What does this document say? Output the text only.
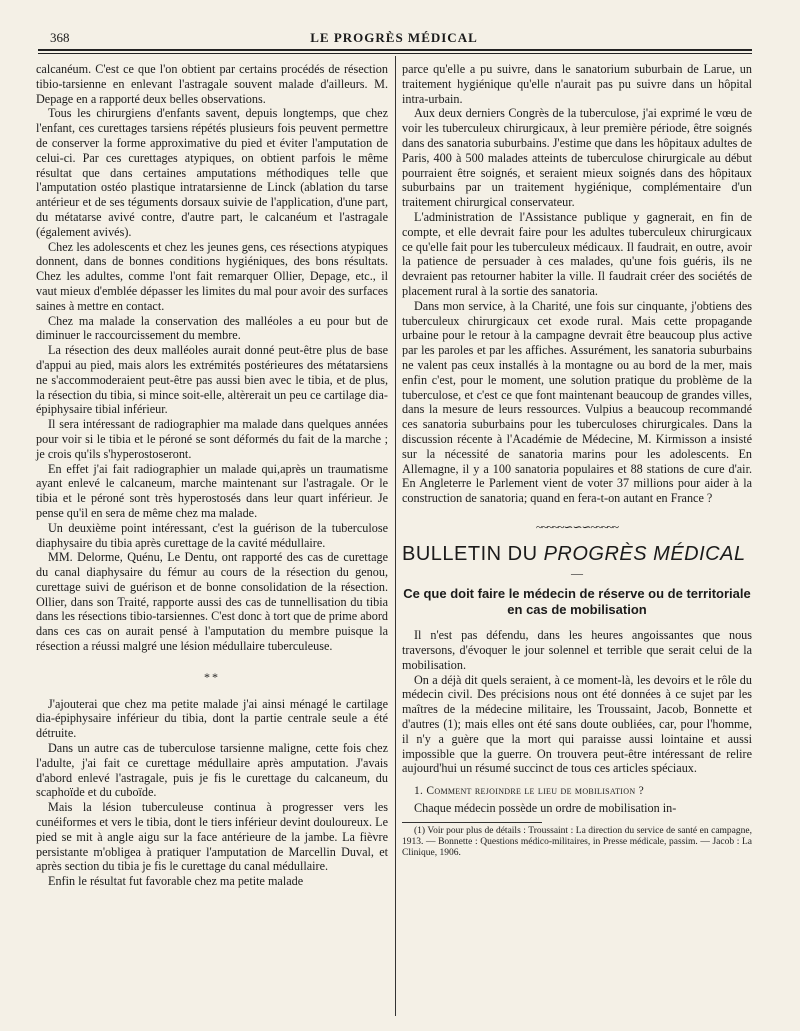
368	LE PROGRÈS MÉDICAL

calcanéum. C'est ce que l'on obtient par certains procédés de résection tibio-tarsienne en enlevant l'astragale souvent malade d'ailleurs. M. Depage en a rapporté deux belles observations.

Tous les chirurgiens d'enfants savent, depuis longtemps, que chez l'enfant, ces curettages tarsiens répétés plusieurs fois peuvent permettre de conserver la forme approximative du pied et éviter l'amputation de celui-ci. Par ces curettages atypiques, on obtient parfois le même résultat que dans certaines amputations méthodiques telle que l'amputation ostéo plastique intratarsienne de Linck (ablation du tarse antérieur et de ses téguments dorsaux suivie de l'application, d'une part, du métatarse avivé contre, d'autre part, le calcanéum et l'astragale (également avivés).

Chez les adolescents et chez les jeunes gens, ces résections atypiques donnent, dans de bonnes conditions hygiéniques, des bons résultats. Chez les adultes, comme l'ont fait remarquer Ollier, Depage, etc., il vaut mieux d'emblée dépasser les limites du mal pour avoir des surfaces saines à mettre en contact.

Chez ma malade la conservation des malléoles a eu pour but de diminuer le raccourcissement du membre.

La résection des deux malléoles aurait donné peut-être plus de base d'appui au pied, mais alors les extrémités postérieures des métatarsiens ne s'accommoderaient peut-être pas aussi bien avec le tibia, et de plus, la résection du tibia, si mince soit-elle, altèrerait un peu ce cartilage dia-épiphysaire tibial inférieur.

Il sera intéressant de radiographier ma malade dans quelques années pour voir si le tibia et le péroné se sont déformés du fait de la marche ; je crois qu'ils s'hyperostoseront.

En effet j'ai fait radiographier un malade qui,après un traumatisme ayant enlevé le calcaneum, marche maintenant sur l'astragale. Or le tibia et le péroné sont très hyperostosés dans leur quart inférieur. Je pense qu'il en sera de même chez ma malade.

Un deuxième point intéressant, c'est la guérison de la tuberculose diaphysaire du tibia après curettage de la cavité médullaire.

MM. Delorme, Quénu, Le Dentu, ont rapporté des cas de curettage du canal diaphysaire du fémur au cours de la résection du genou, curettage suivi de guérison et de bonne consolidation de la résection. Ollier, dans son Traité, rapporte aussi des cas de tunnellisation du tibia dans les résections tibio-tarsiennes. C'est donc à tort que de prime abord dans ces cas on aurait pensé à l'amputation du membre puisque la résection a réussi malgré une lésion médullaire tuberculeuse.

**

J'ajouterai que chez ma petite malade j'ai ainsi ménagé le cartilage dia-épiphysaire inférieur du tibia, dont la partie centrale seule a été détruite.

Dans un autre cas de tuberculose tarsienne maligne, cette fois chez l'adulte, j'ai fait ce curettage médullaire après amputation. J'avais d'abord enlevé l'astragale, puis je fis le curettage du calcaneum, du scaphoïde et du cuboïde.

Mais la lésion tuberculeuse continua à progresser vers les cunéiformes et vers le tibia, dont le tiers inférieur devint douloureux. Le pied se mit à angle aigu sur la face antérieure de la jambe. La fièvre persistante m'obligea à pratiquer l'amputation de Marcellin Duval, et après section du tibia je fis le curettage du canal médullaire.

Enfin le résultat fut favorable chez ma petite malade

parce qu'elle a pu suivre, dans le sanatorium suburbain de Larue, un traitement hygiénique qu'elle n'aurait pas pu suivre dans un hôpital intra-urbain.

Aux deux derniers Congrès de la tuberculose, j'ai exprimé le vœu de voir les tuberculeux chirurgicaux, à leur première période, être soignés dans des sanatoria suburbains. J'estime que dans les hôpitaux adultes de Paris, 400 à 500 malades atteints de tuberculose chirurgicale au début pourraient être soignés, et seraient mieux soignés dans des hôpitaux suburbains par un traitement hygiénique, complémentaire d'un traitement chirurgical conservateur.

L'administration de l'Assistance publique y gagnerait, en fin de compte, et elle devrait faire pour les adultes tuberculeux chirurgicaux ce qu'elle fait pour les tuberculeux médicaux. Il faudrait, en outre, avoir la patience de persuader à ces malades, qu'une fois guéris, ils ne devraient pas retourner habiter la ville. Il faudrait créer des sociétés de placement rural à la sortie des sanatoria.

Dans mon service, à la Charité, une fois sur cinquante, j'obtiens des tuberculeux chirurgicaux cet exode rural. Mais cette propagande urbaine pour le retour à la campagne devrait être beaucoup plus active par les paroles et par les affiches. Assurément, les sanatoria suburbains ne valent pas ceux installés à la montagne ou au bord de la mer, mais enfin c'est, pour le moment, une solution pratique du problème de la tuberculose, et c'est ce que font maintenant beaucoup de grandes villes, dans la mesure de leurs ressources. Vulpius a beaucoup recommandé ces sanatoria suburbains pour les tuberculoses chirurgicales. Dans la discussion récente à l'Académie de Médecine, M. Kirmisson a insisté sur la nécessité de sanatoria marins pour les adolescents. En Allemagne, il y a 100 sanatoria populaires et 88 stations de cure d'air. En Angleterre le Parlement vient de voter 37 millions pour aider à la construction de sanatoria; quand en fera-t-on autant en France ?

~~~~~∽∽∽~~~~~
BULLETIN DU PROGRÈS MÉDICAL
—
Ce que doit faire le médecin de réserve ou de territoriale en cas de mobilisation

Il n'est pas défendu, dans les heures angoissantes que nous traversons, d'évoquer le jour solennel et terrible que serait celui de la mobilisation.

On a déjà dit quels seraient, à ce moment-là, les devoirs et le rôle du médecin civil. Des précisions nous ont été données à ce sujet par les maîtres de la médecine militaire, les Troussaint, Jacob, Bonnette et d'autres (1); mais elles ont été sans doute oubliées, car, pour l'homme, il n'y a guère que la mort qui paraisse aussi lointaine et aussi impossible que la guerre. On trouvera peut-être intéressant de relire aujourd'hui un résumé succinct de tous ces articles spéciaux.

1. Comment rejoindre le lieu de mobilisation ?

Chaque médecin possède un ordre de mobilisation in-

(1) Voir pour plus de détails : Troussaint : La direction du service de santé en campagne, 1913. — Bonnette : Questions médico-militaires, in Presse médicale, passim. — Jacob : La Clinique, 1906.
